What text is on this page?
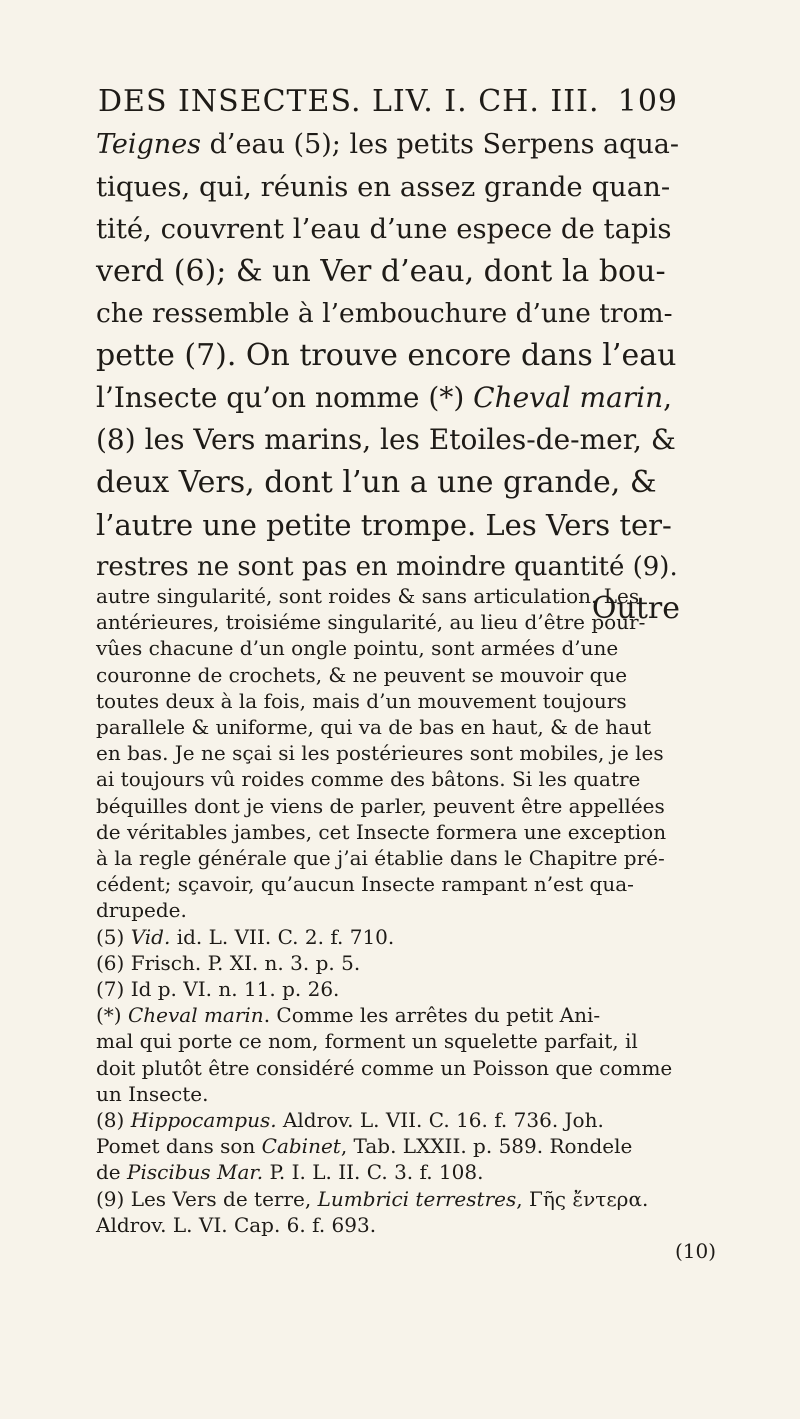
DES INSECTES. LIV. I. CH. III. 109
Teignes d’eau (5); les petits Serpens aqua-
tiques, qui, réunis en assez grande quan-
tité, couvrent l’eau d’une espece de tapis
verd (6); & un Ver d’eau, dont la bou-
che ressemble à l’embouchure d’une trom-
pette (7). On trouve encore dans l’eau
l’Insecte qu’on nomme (*) Cheval marin,
(8) les Vers marins, les Etoiles-de-mer, &
deux Vers, dont l’un a une grande, &
l’autre une petite trompe. Les Vers ter-
restres ne sont pas en moindre quantité (9).
Outre
autre singularité, sont roides & sans articulation. Les
antérieures, troisiéme singularité, au lieu d’être pour-
vûes chacune d’un ongle pointu, sont armées d’une
couronne de crochets, & ne peuvent se mouvoir que
toutes deux à la fois, mais d’un mouvement toujours
parallele & uniforme, qui va de bas en haut, & de haut
en bas. Je ne sçai si les postérieures sont mobiles, je les
ai toujours vû roides comme des bâtons. Si les quatre
béquilles dont je viens de parler, peuvent être appellées
de véritables jambes, cet Insecte formera une exception
à la regle générale que j’ai établie dans le Chapitre pré-
cédent; sçavoir, qu’aucun Insecte rampant n’est qua-
drupede.
(5) Vid. id. L. VII. C. 2. f. 710.
(6) Frisch. P. XI. n. 3. p. 5.
(7) Id p. VI. n. 11. p. 26.
(*) Cheval marin. Comme les arrêtes du petit Ani-
mal qui porte ce nom, forment un squelette parfait, il
doit plutôt être considéré comme un Poisson que comme
un Insecte.
(8) Hippocampus. Aldrov. L. VII. C. 16. f. 736. Joh.
Pomet dans son Cabinet, Tab. LXXII. p. 589. Rondele
de Piscibus Mar. P. I. L. II. C. 3. f. 108.
(9) Les Vers de terre, Lumbrici terrestres, Γῆς ἔντερα.
Aldrov. L. VI. Cap. 6. f. 693.
(10)
